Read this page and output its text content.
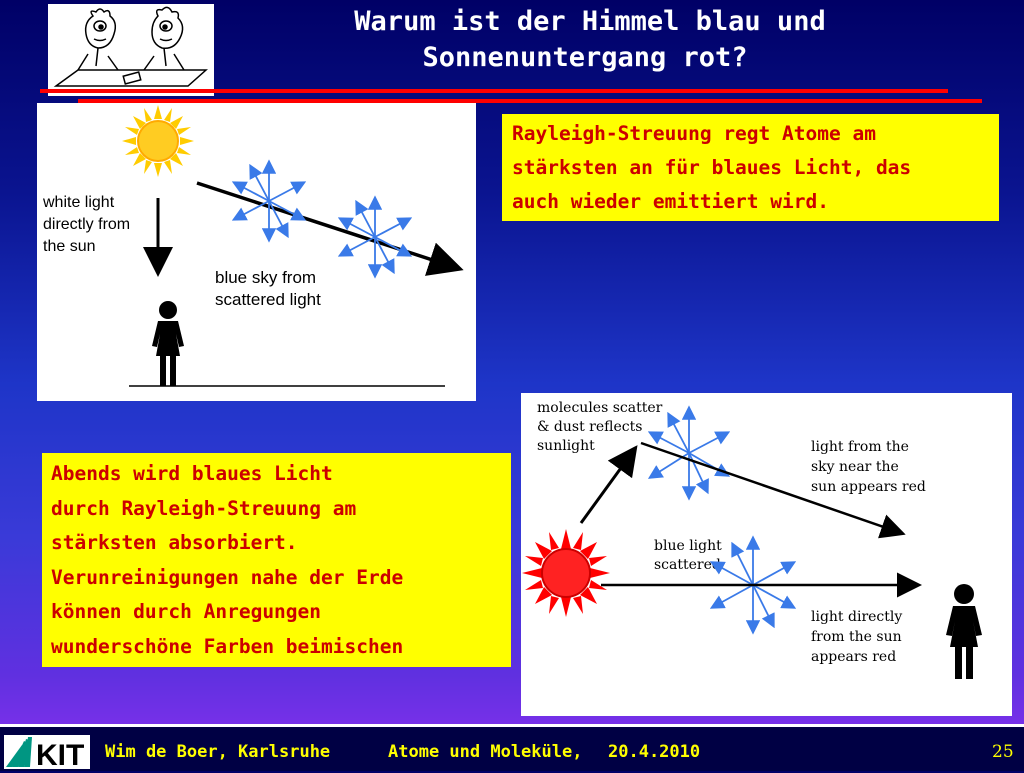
Warum ist der Himmel blau und
Sonnenuntergang rot?
white light directly from the sun
blue sky from scattered light
Rayleigh-Streuung regt Atome am
stärksten an für blaues Licht, das
auch wieder emittiert wird.
Abends wird blaues Licht
durch Rayleigh-Streuung am
stärksten absorbiert.
Verunreinigungen nahe der Erde
können durch Anregungen
wunderschöne Farben beimischen
molecules scatter & dust reflects sunlight	light from the sky near the sun appears red
blue light scattered
light directly from the sun appears red
KIT Wim de Boer, Karlsruhe	Atome und Moleküle, 20.4.2010	25
